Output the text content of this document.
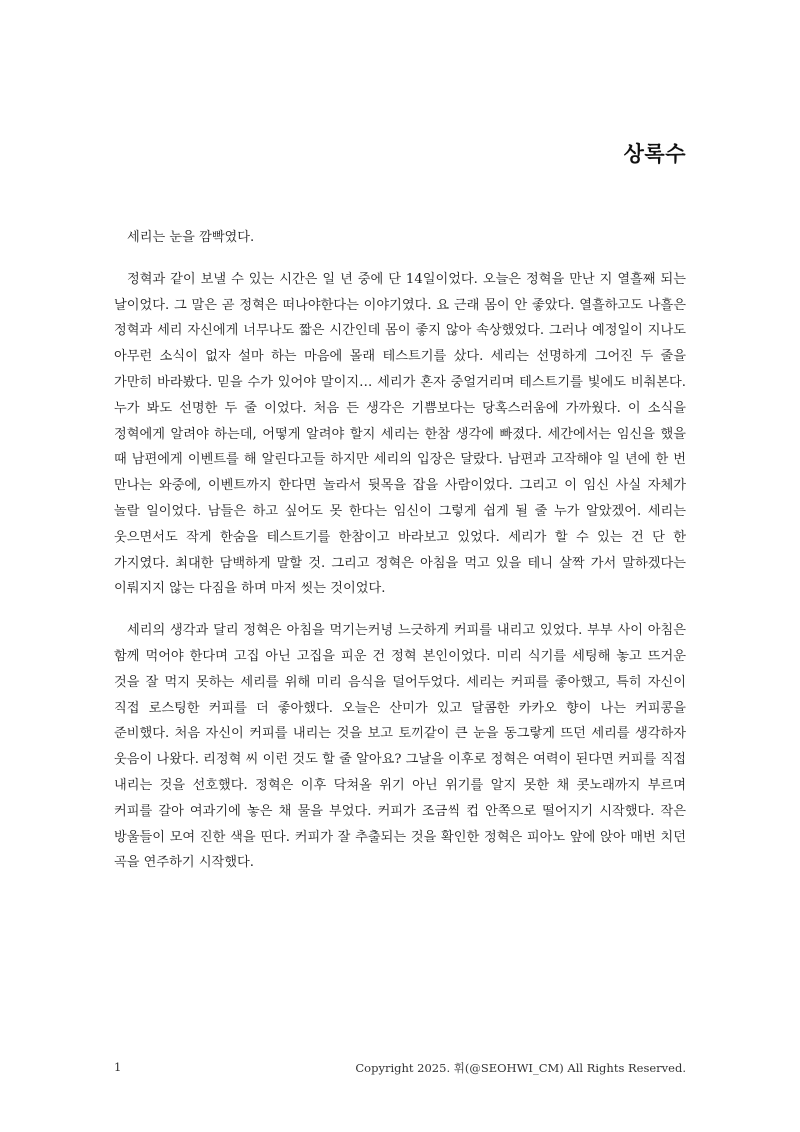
상록수

세리는 눈을 깜빡였다.

정혁과 같이 보낼 수 있는 시간은 일 년 중에 단 14일이었다. 오늘은 정혁을 만난 지 열흘째 되는 날이었다. 그 말은 곧 정혁은 떠나야한다는 이야기였다. 요 근래 몸이 안 좋았다. 열흘하고도 나흘은 정혁과 세리 자신에게 너무나도 짧은 시간인데 몸이 좋지 않아 속상했었다. 그러나 예정일이 지나도 아무런 소식이 없자 설마 하는 마음에 몰래 테스트기를 샀다. 세리는 선명하게 그어진 두 줄을 가만히 바라봤다. 믿을 수가 있어야 말이지… 세리가 혼자 중얼거리며 테스트기를 빛에도 비춰본다. 누가 봐도 선명한 두 줄 이었다. 처음 든 생각은 기쁨보다는 당혹스러움에 가까웠다. 이 소식을 정혁에게 알려야 하는데, 어떻게 알려야 할지 세리는 한참 생각에 빠졌다. 세간에서는 임신을 했을 때 남편에게 이벤트를 해 알린다고들 하지만 세리의 입장은 달랐다. 남편과 고작해야 일 년에 한 번 만나는 와중에, 이벤트까지 한다면 놀라서 뒷목을 잡을 사람이었다. 그리고 이 임신 사실 자체가 놀랄 일이었다. 남들은 하고 싶어도 못 한다는 임신이 그렇게 쉽게 될 줄 누가 알았겠어. 세리는 웃으면서도 작게 한숨을 테스트기를 한참이고 바라보고 있었다. 세리가 할 수 있는 건 단 한 가지였다. 최대한 담백하게 말할 것. 그리고 정혁은 아침을 먹고 있을 테니 살짝 가서 말하겠다는 이뤄지지 않는 다짐을 하며 마저 씻는 것이었다.

세리의 생각과 달리 정혁은 아침을 먹기는커녕 느긋하게 커피를 내리고 있었다. 부부 사이 아침은 함께 먹어야 한다며 고집 아닌 고집을 피운 건 정혁 본인이었다. 미리 식기를 세팅해 놓고 뜨거운 것을 잘 먹지 못하는 세리를 위해 미리 음식을 덜어두었다. 세리는 커피를 좋아했고, 특히 자신이 직접 로스팅한 커피를 더 좋아했다. 오늘은 산미가 있고 달콤한 카카오 향이 나는 커피콩을 준비했다. 처음 자신이 커피를 내리는 것을 보고 토끼같이 큰 눈을 동그랗게 뜨던 세리를 생각하자 웃음이 나왔다. 리정혁 씨 이런 것도 할 줄 알아요? 그날을 이후로 정혁은 여력이 된다면 커피를 직접 내리는 것을 선호했다. 정혁은 이후 닥쳐올 위기 아닌 위기를 알지 못한 채 콧노래까지 부르며 커피를 갈아 여과기에 놓은 채 물을 부었다. 커피가 조금씩 컵 안쪽으로 떨어지기 시작했다. 작은 방울들이 모여 진한 색을 띤다. 커피가 잘 추출되는 것을 확인한 정혁은 피아노 앞에 앉아 매번 치던 곡을 연주하기 시작했다.

1	Copyright 2025. 휘(@SEOHWI_CM) All Rights Reserved.
